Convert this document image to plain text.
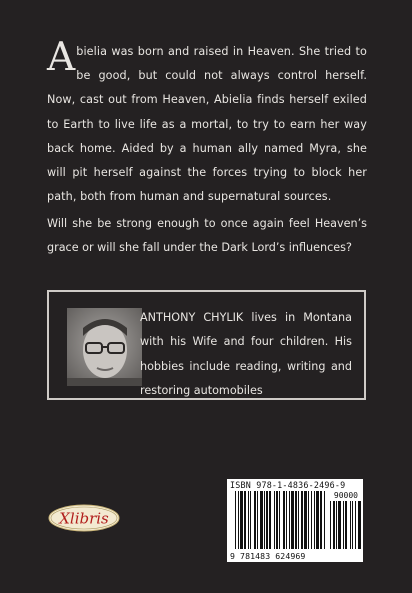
A bielia was born and raised in Heaven. She tried to be good, but could not always control herself. Now, cast out from Heaven, Abielia finds herself exiled to Earth to live life as a mortal, to try to earn her way back home. Aided by a human ally named Myra, she will pit herself against the forces trying to block her path, both from human and supernatural sources.

Will she be strong enough to once again feel Heaven’s grace or will she fall under the Dark Lord’s influences?
ANTHONY CHYLIK lives in Montana with his Wife and four children. His hobbies include reading, writing and restoring automobiles
Xlibris
ISBN 978-1-4836-2496-9
90000
9 781483 624969
